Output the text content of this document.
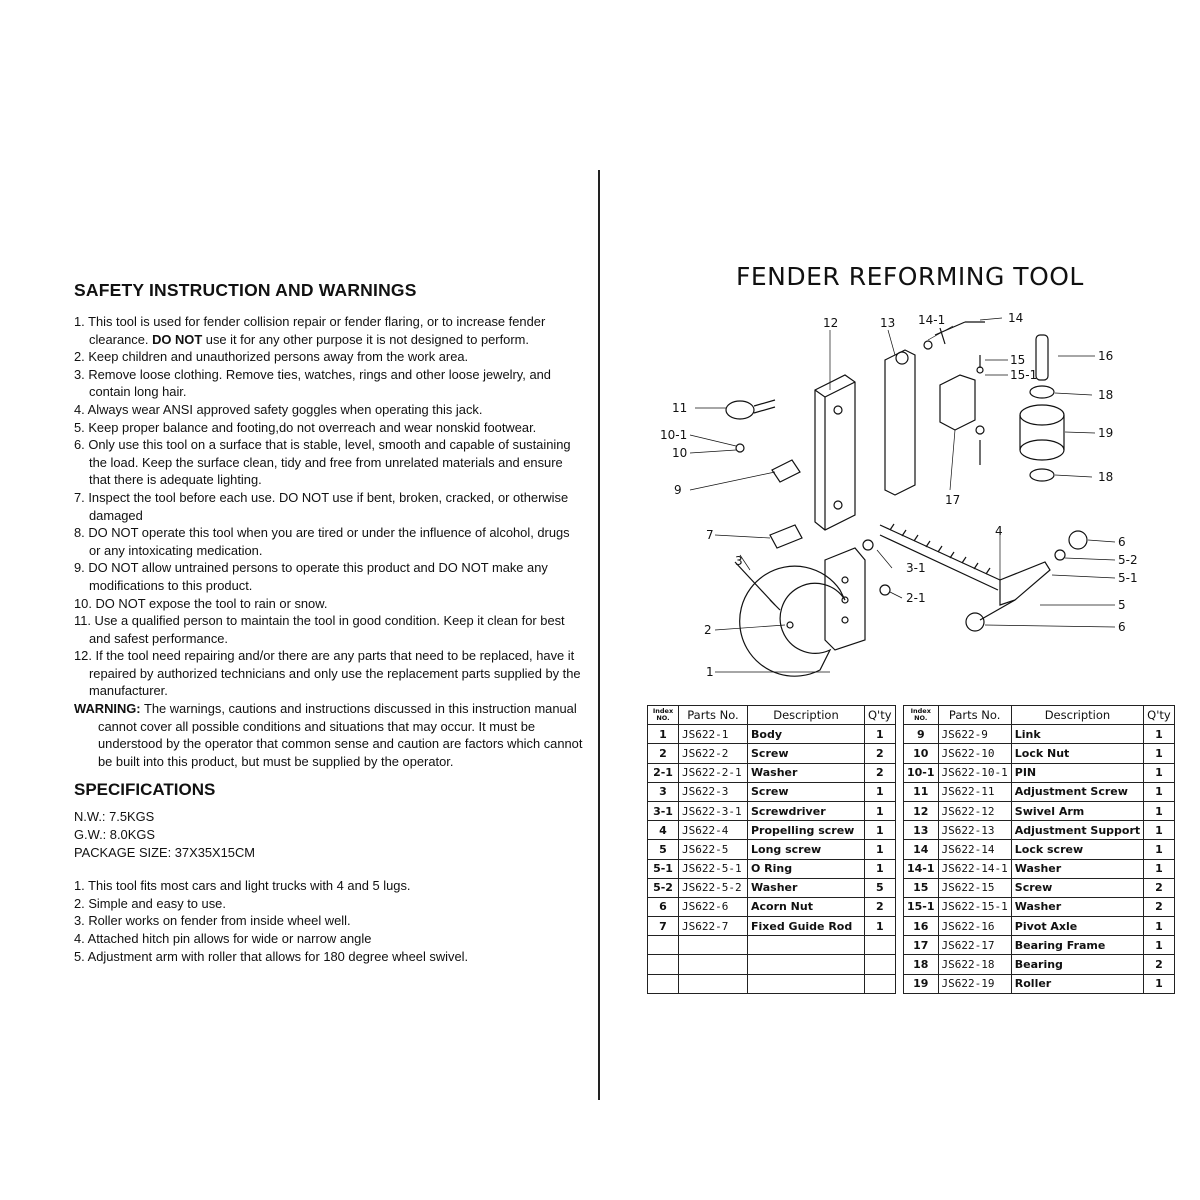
SAFETY INSTRUCTION AND WARNINGS
1. This tool is used for fender collision repair or fender flaring, or to increase fender clearance. DO NOT use it for any other purpose it is not designed to perform.
2. Keep children and unauthorized persons away from the work area.
3. Remove loose clothing. Remove ties, watches, rings and other loose jewelry, and contain long hair.
4. Always wear ANSI approved safety goggles when operating this jack.
5. Keep proper balance and footing,do not overreach and wear nonskid footwear.
6. Only use this tool on a surface that is stable, level, smooth and capable of sustaining the load. Keep the surface clean, tidy and free from unrelated materials and ensure that there is adequate lighting.
7. Inspect the tool before each use. DO NOT use if bent, broken, cracked, or otherwise damaged
8. DO NOT operate this tool when you are tired or under the influence of alcohol, drugs or any intoxicating medication.
9. DO NOT allow untrained persons to operate this product and DO NOT make any modifications to this product.
10. DO NOT expose the tool to rain or snow.
11. Use a qualified person to maintain the tool in good condition. Keep it clean for best and safest performance.
12. If the tool need repairing and/or there are any parts that need to be replaced, have it repaired by authorized technicians and only use the replacement parts supplied by the manufacturer.

WARNING: The warnings, cautions and instructions discussed in this instruction manual cannot cover all possible conditions and situations that may occur. It must be understood by the operator that common sense and caution are factors which cannot be built into this product, but must be supplied by the operator.

SPECIFICATIONS
N.W.: 7.5KGS
G.W.: 8.0KGS
PACKAGE SIZE: 37X35X15CM
1. This tool fits most cars and light trucks with 4 and 5 lugs.
2. Simple and easy to use.
3. Roller works on fender from inside wheel well.
4. Attached hitch pin allows for wide or narrow angle
5. Adjustment arm with roller that allows for 180 degree wheel swivel.
FENDER REFORMING TOOL
12	13 14-1	14
15
15-1
16
18
19
18
11
10-1
10
9
17
7	4
6
5-2
5-1
3	3-1
2-1	5
2	6
1
Index
NO.	Parts No.	Description	Q'ty
1	JS622-1	Body	1
2	JS622-2	Screw	2
2-1	JS622-2-1	Washer	2
3	JS622-3	Screw	1
3-1	JS622-3-1	Screwdriver	1
4	JS622-4	Propelling screw	1
5	JS622-5	Long screw	1
5-1	JS622-5-1	O Ring	1
5-2	JS622-5-2	Washer	5
6	JS622-6	Acorn Nut	2
7	JS622-7	Fixed Guide Rod	1

Index
NO.	Parts No.	Description	Q'ty
9	JS622-9	Link	1
10	JS622-10	Lock Nut	1
10-1	JS622-10-1	PIN	1
11	JS622-11	Adjustment Screw	1
12	JS622-12	Swivel Arm	1
13	JS622-13	Adjustment Support	1
14	JS622-14	Lock screw	1
14-1	JS622-14-1	Washer	1
15	JS622-15	Screw	2
15-1	JS622-15-1	Washer	2
16	JS622-16	Pivot Axle	1
17	JS622-17	Bearing Frame	1
18	JS622-18	Bearing	2
19	JS622-19	Roller	1
